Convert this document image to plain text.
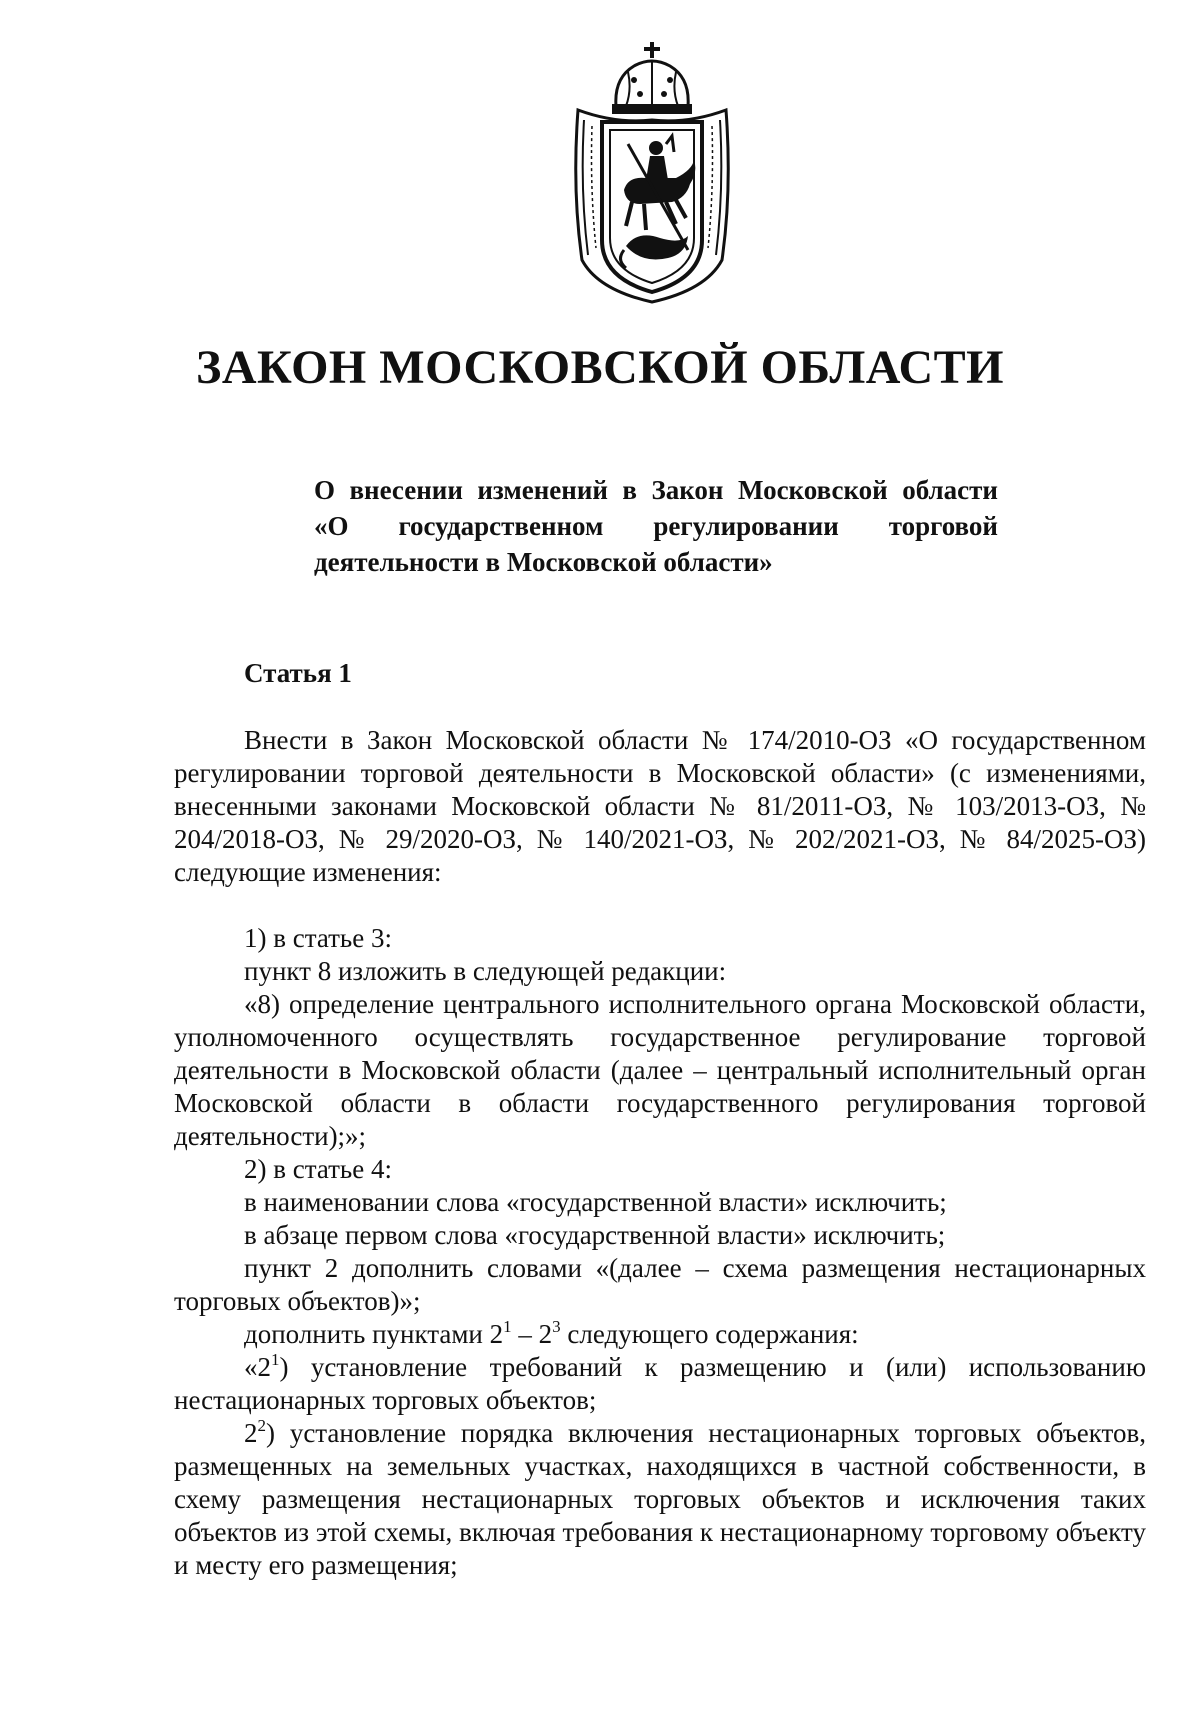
ЗАКОН МОСКОВСКОЙ ОБЛАСТИ
О внесении изменений в Закон Московской области
«О государственном регулировании торговой
деятельности в Московской области»
Статья 1

Внести в Закон Московской области № 174/2010-ОЗ «О государственном регулировании торговой деятельности в Московской области» (с изменениями, внесенными законами Московской области № 81/2011-ОЗ, № 103/2013-ОЗ, № 204/2018-ОЗ, № 29/2020-ОЗ, № 140/2021-ОЗ, № 202/2021-ОЗ, № 84/2025-ОЗ) следующие изменения:

1) в статье 3:

пункт 8 изложить в следующей редакции:

«8) определение центрального исполнительного органа Московской области, уполномоченного осуществлять государственное регулирование торговой деятельности в Московской области (далее – центральный исполнительный орган Московской области в области государственного регулирования торговой деятельности);»;

2) в статье 4:

в наименовании слова «государственной власти» исключить;

в абзаце первом слова «государственной власти» исключить;

пункт 2 дополнить словами «(далее – схема размещения нестационарных торговых объектов)»;

дополнить пунктами $2^1 - 2^3$ следующего содержания:

«$2^1$) установление требований к размещению и (или) использованию нестационарных торговых объектов;

$2^2$) установление порядка включения нестационарных торговых объектов, размещенных на земельных участках, находящихся в частной собственности, в схему размещения нестационарных торговых объектов и исключения таких объектов из этой схемы, включая требования к нестационарному торговому объекту и месту его размещения;
